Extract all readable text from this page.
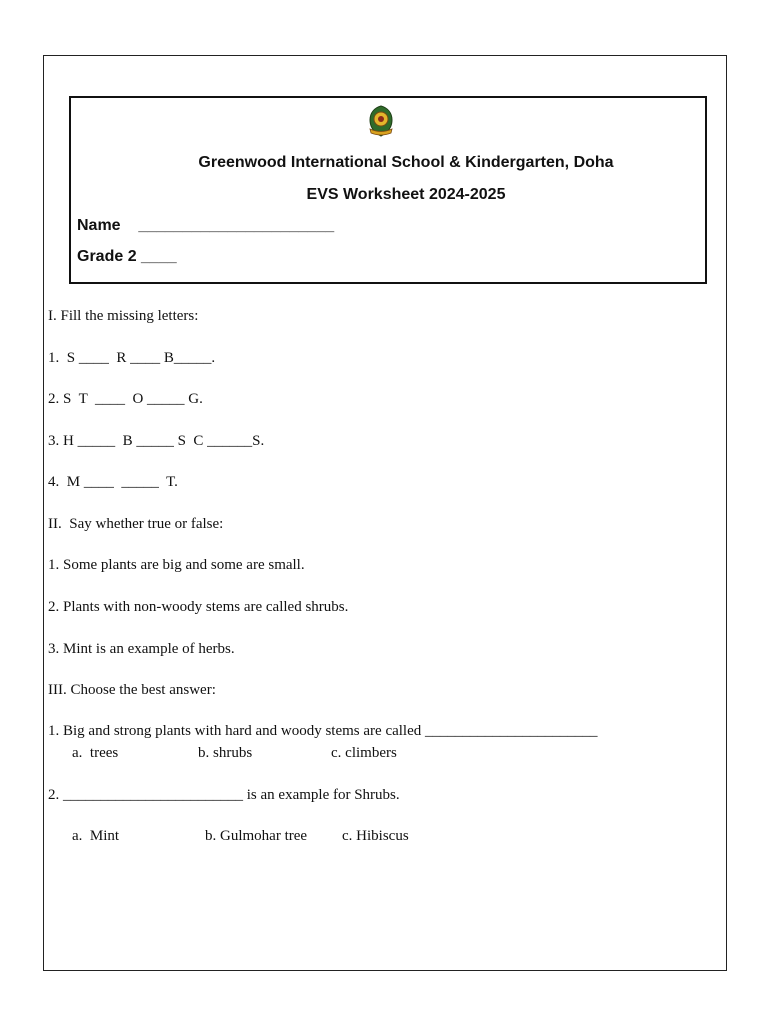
Greenwood International School & Kindergarten, Doha
EVS Worksheet 2024-2025
Name    ______________________
Grade 2 ____
I. Fill the missing letters:
1.  S ____  R ____ B_____.
2. S  T  ____  O _____ G.
3. H _____  B _____ S  C ______S.
4.  M ____  _____  T.
II.  Say whether true or false:
1. Some plants are big and some are small.
2. Plants with non-woody stems are called shrubs.
3. Mint is an example of herbs.
III. Choose the best answer:
1. Big and strong plants with hard and woody stems are called _______________________
a.  trees	b. shrubs	c. climbers
2. ________________________ is an example for Shrubs.
a.  Mint	b. Gulmohar tree c. Hibiscus
